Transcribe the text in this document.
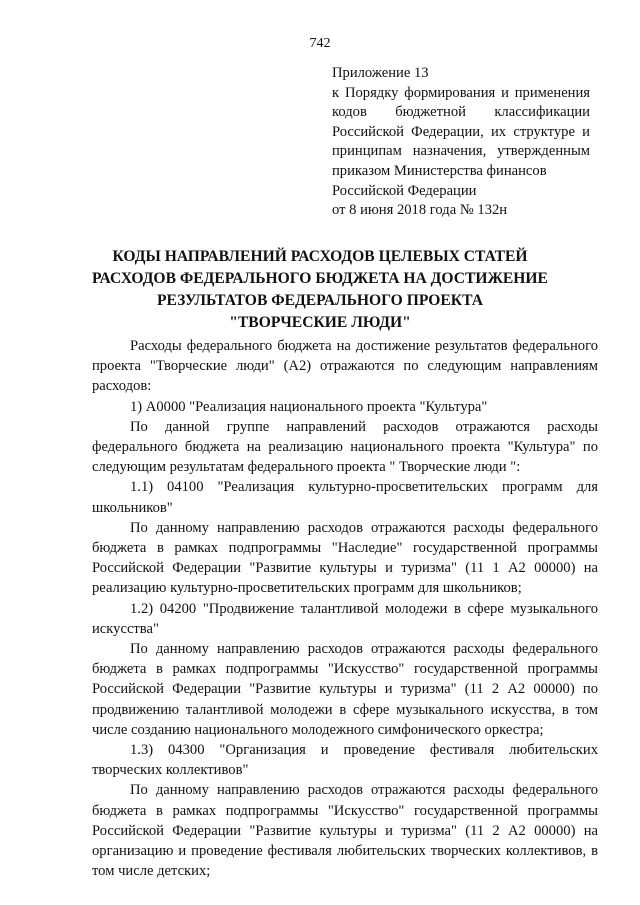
742
Приложение 13
к Порядку формирования и применения
кодов бюджетной классификации
Российской Федерации, их структуре и
принципам назначения, утвержденным
приказом Министерства финансов
Российской Федерации
от 8 июня 2018 года № 132н
КОДЫ НАПРАВЛЕНИЙ РАСХОДОВ ЦЕЛЕВЫХ СТАТЕЙ
РАСХОДОВ ФЕДЕРАЛЬНОГО БЮДЖЕТА НА ДОСТИЖЕНИЕ
РЕЗУЛЬТАТОВ ФЕДЕРАЛЬНОГО ПРОЕКТА
"ТВОРЧЕСКИЕ ЛЮДИ"

Расходы федерального бюджета на достижение результатов федерального проекта "Творческие люди" (А2) отражаются по следующим направлениям расходов:

1) А0000 "Реализация национального проекта "Культура"

По данной группе направлений расходов отражаются расходы федерального бюджета на реализацию национального проекта "Культура" по следующим результатам федерального проекта " Творческие люди ":

1.1) 04100 "Реализация культурно-просветительских программ для школьников"

По данному направлению расходов отражаются расходы федерального бюджета в рамках подпрограммы "Наследие" государственной программы Российской Федерации "Развитие культуры и туризма" (11 1 А2 00000) на реализацию культурно-просветительских программ для школьников;

1.2) 04200 "Продвижение талантливой молодежи в сфере музыкального искусства"

По данному направлению расходов отражаются расходы федерального бюджета в рамках подпрограммы "Искусство" государственной программы Российской Федерации "Развитие культуры и туризма" (11 2 А2 00000) по продвижению талантливой молодежи в сфере музыкального искусства, в том числе созданию национального молодежного симфонического оркестра;

1.3) 04300 "Организация и проведение фестиваля любительских творческих коллективов"

По данному направлению расходов отражаются расходы федерального бюджета в рамках подпрограммы "Искусство" государственной программы Российской Федерации "Развитие культуры и туризма" (11 2 А2 00000) на организацию и проведение фестиваля любительских творческих коллективов, в том числе детских;
